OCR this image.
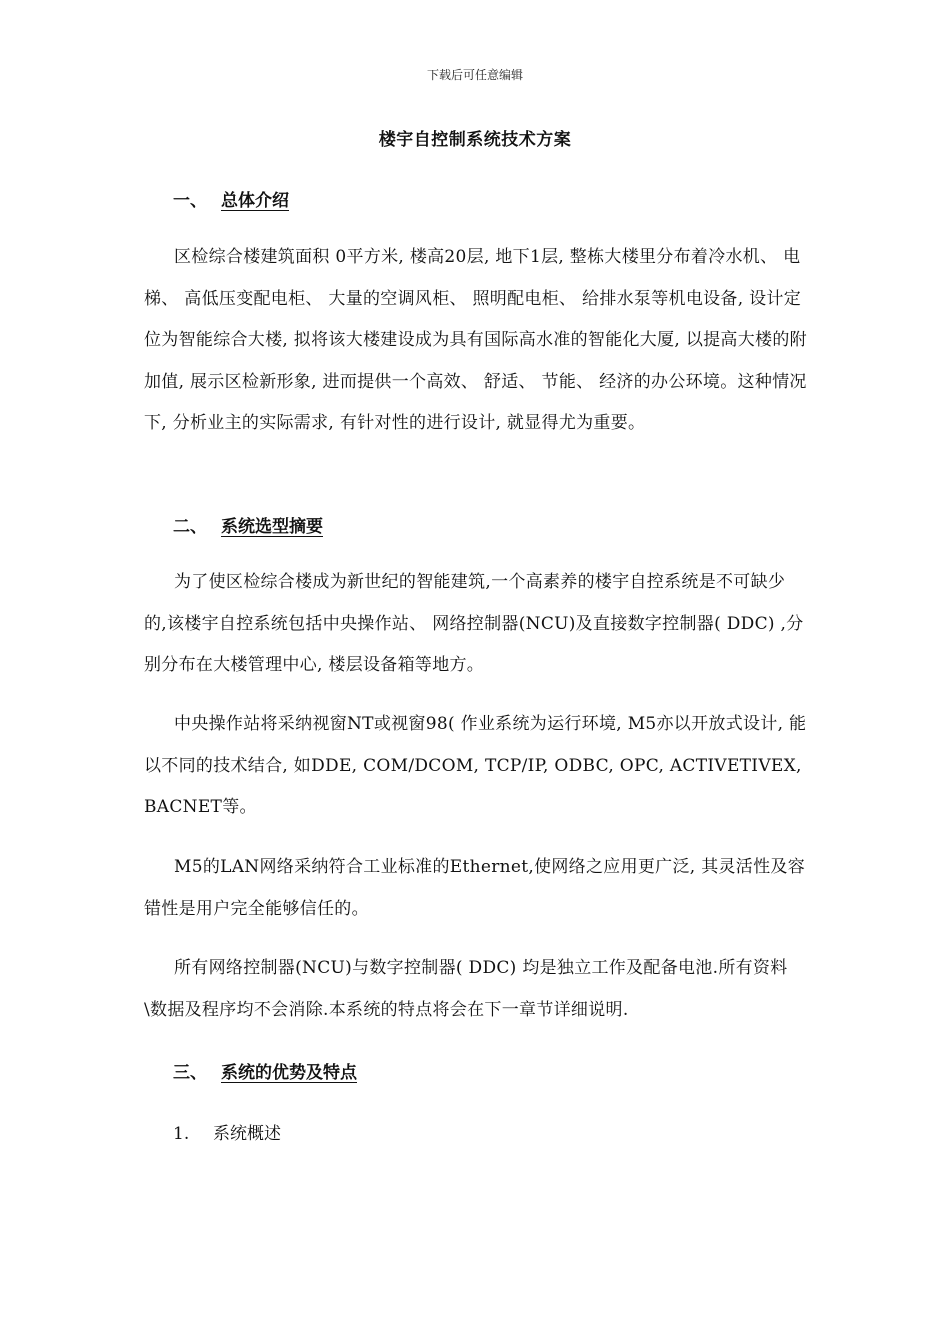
下载后可任意编辑
楼宇自控制系统技术方案
一、 总体介绍

区检综合楼建筑面积 0平方米, 楼高20层, 地下1层, 整栋大楼里分布着冷水机、 电梯、 高低压变配电柜、 大量的空调风柜、 照明配电柜、 给排水泵等机电设备, 设计定位为智能综合大楼, 拟将该大楼建设成为具有国际高水准的智能化大厦, 以提高大楼的附加值, 展示区检新形象, 进而提供一个高效、 舒适、 节能、 经济的办公环境。这种情况下, 分析业主的实际需求, 有针对性的进行设计, 就显得尤为重要。

二、 系统选型摘要

为了使区检综合楼成为新世纪的智能建筑,一个高素养的楼宇自控系统是不可缺少的,该楼宇自控系统包括中央操作站、 网络控制器(NCU)及直接数字控制器( DDC) ,分别分布在大楼管理中心, 楼层设备箱等地方。

中央操作站将采纳视窗NT或视窗98( 作业系统为运行环境, M5亦以开放式设计, 能以不同的技术结合, 如DDE, COM/DCOM, TCP/IP, ODBC, OPC, ACTIVETIVEX, BACNET等。

M5的LAN网络采纳符合工业标准的Ethernet,使网络之应用更广泛, 其灵活性及容错性是用户完全能够信任的。

所有网络控制器(NCU)与数字控制器( DDC) 均是独立工作及配备电池.所有资料\数据及程序均不会消除.本系统的特点将会在下一章节详细说明.

三、 系统的优势及特点
1. 系统概述
